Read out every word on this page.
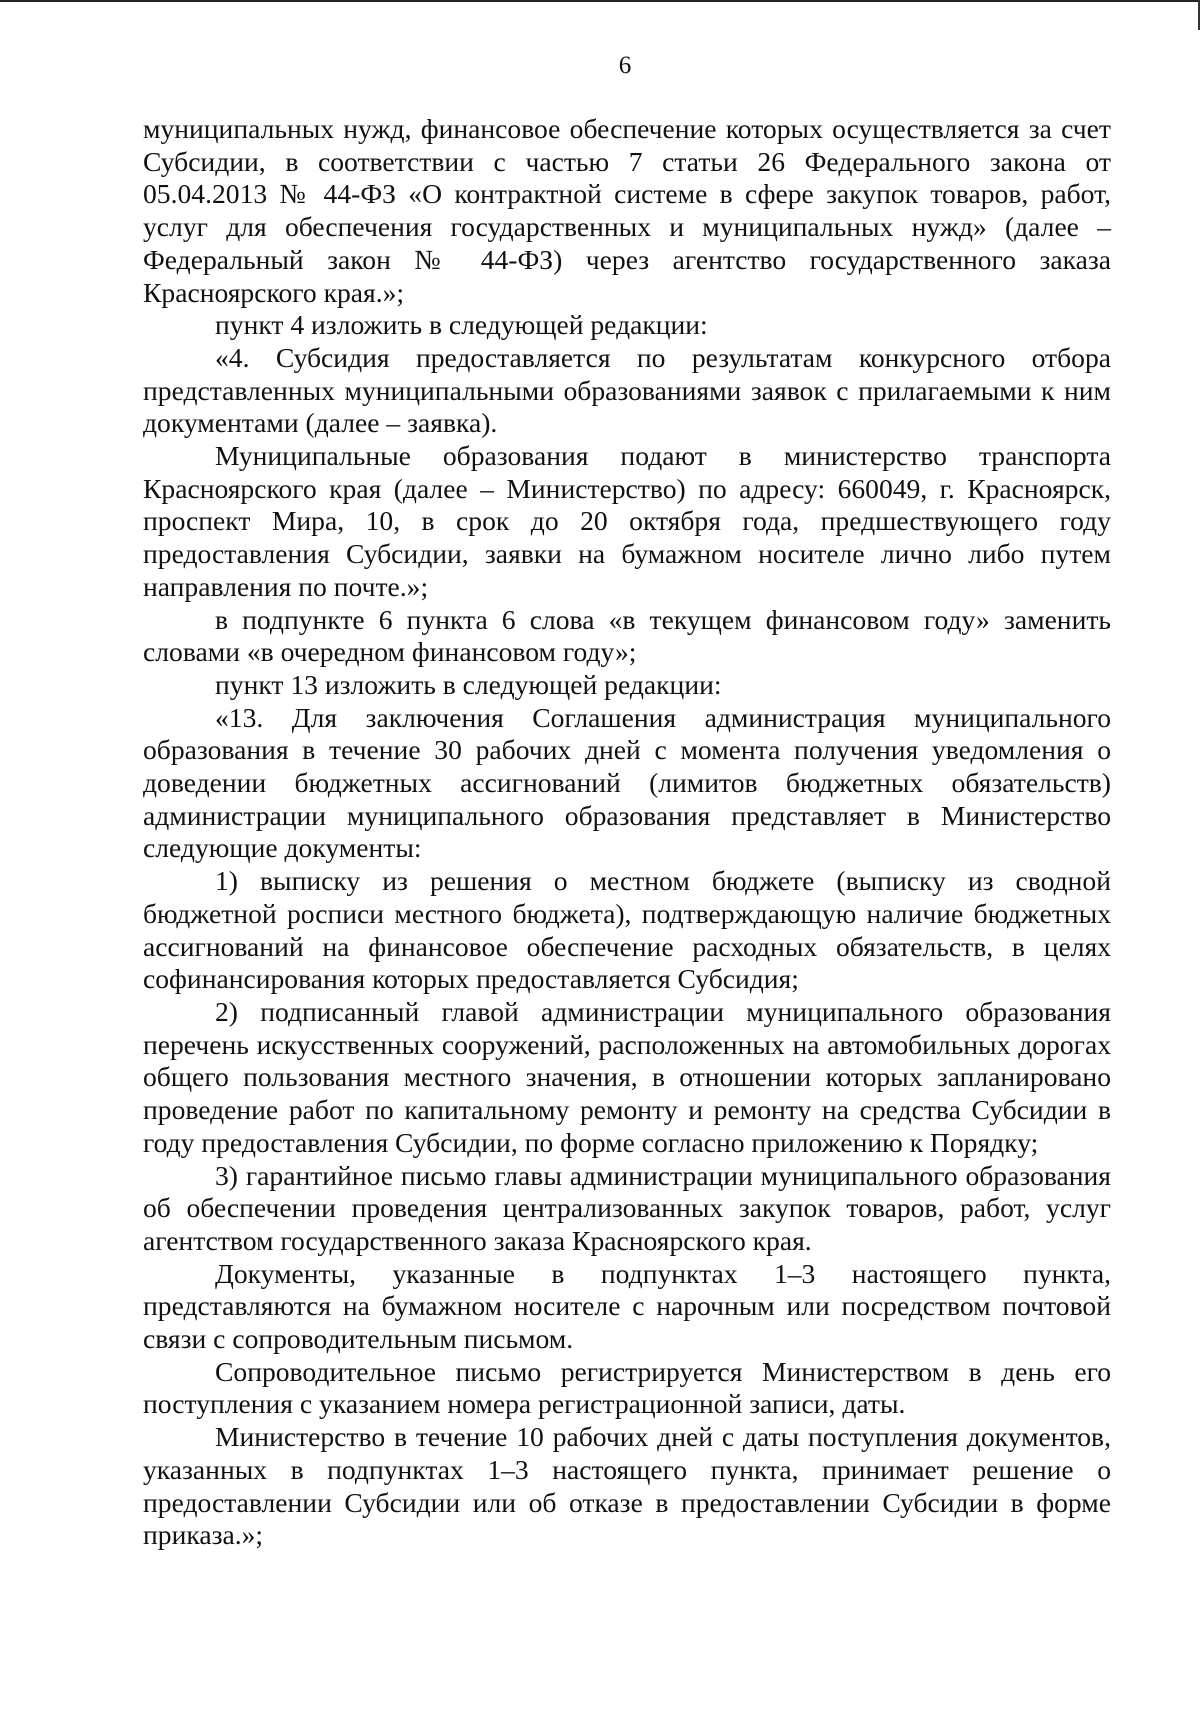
6

муниципальных нужд, финансовое обеспечение которых осуществляется за счет Субсидии, в соответствии с частью 7 статьи 26 Федерального закона от 05.04.2013 № 44-ФЗ «О контрактной системе в сфере закупок товаров, работ, услуг для обеспечения государственных и муниципальных нужд» (далее – Федеральный закон № 44-ФЗ) через агентство государственного заказа Красноярского края.»;

пункт 4 изложить в следующей редакции:

«4. Субсидия предоставляется по результатам конкурсного отбора представленных муниципальными образованиями заявок с прилагаемыми к ним документами (далее – заявка).

Муниципальные образования подают в министерство транспорта Красноярского края (далее – Министерство) по адресу: 660049, г. Красноярск, проспект Мира, 10, в срок до 20 октября года, предшествующего году предоставления Субсидии, заявки на бумажном носителе лично либо путем направления по почте.»;

в подпункте 6 пункта 6 слова «в текущем финансовом году» заменить словами «в очередном финансовом году»;

пункт 13 изложить в следующей редакции:

«13. Для заключения Соглашения администрация муниципального образования в течение 30 рабочих дней с момента получения уведомления о доведении бюджетных ассигнований (лимитов бюджетных обязательств) администрации муниципального образования представляет в Министерство следующие документы:

1) выписку из решения о местном бюджете (выписку из сводной бюджетной росписи местного бюджета), подтверждающую наличие бюджетных ассигнований на финансовое обеспечение расходных обязательств, в целях софинансирования которых предоставляется Субсидия;

2) подписанный главой администрации муниципального образования перечень искусственных сооружений, расположенных на автомобильных дорогах общего пользования местного значения, в отношении которых запланировано проведение работ по капитальному ремонту и ремонту на средства Субсидии в году предоставления Субсидии, по форме согласно приложению к Порядку;

3) гарантийное письмо главы администрации муниципального образования об обеспечении проведения централизованных закупок товаров, работ, услуг агентством государственного заказа Красноярского края.

Документы, указанные в подпунктах 1–3 настоящего пункта, представляются на бумажном носителе с нарочным или посредством почтовой связи с сопроводительным письмом.

Сопроводительное письмо регистрируется Министерством в день его поступления с указанием номера регистрационной записи, даты.

Министерство в течение 10 рабочих дней с даты поступления документов, указанных в подпунктах 1–3 настоящего пункта, принимает решение о предоставлении Субсидии или об отказе в предоставлении Субсидии в форме приказа.»;
